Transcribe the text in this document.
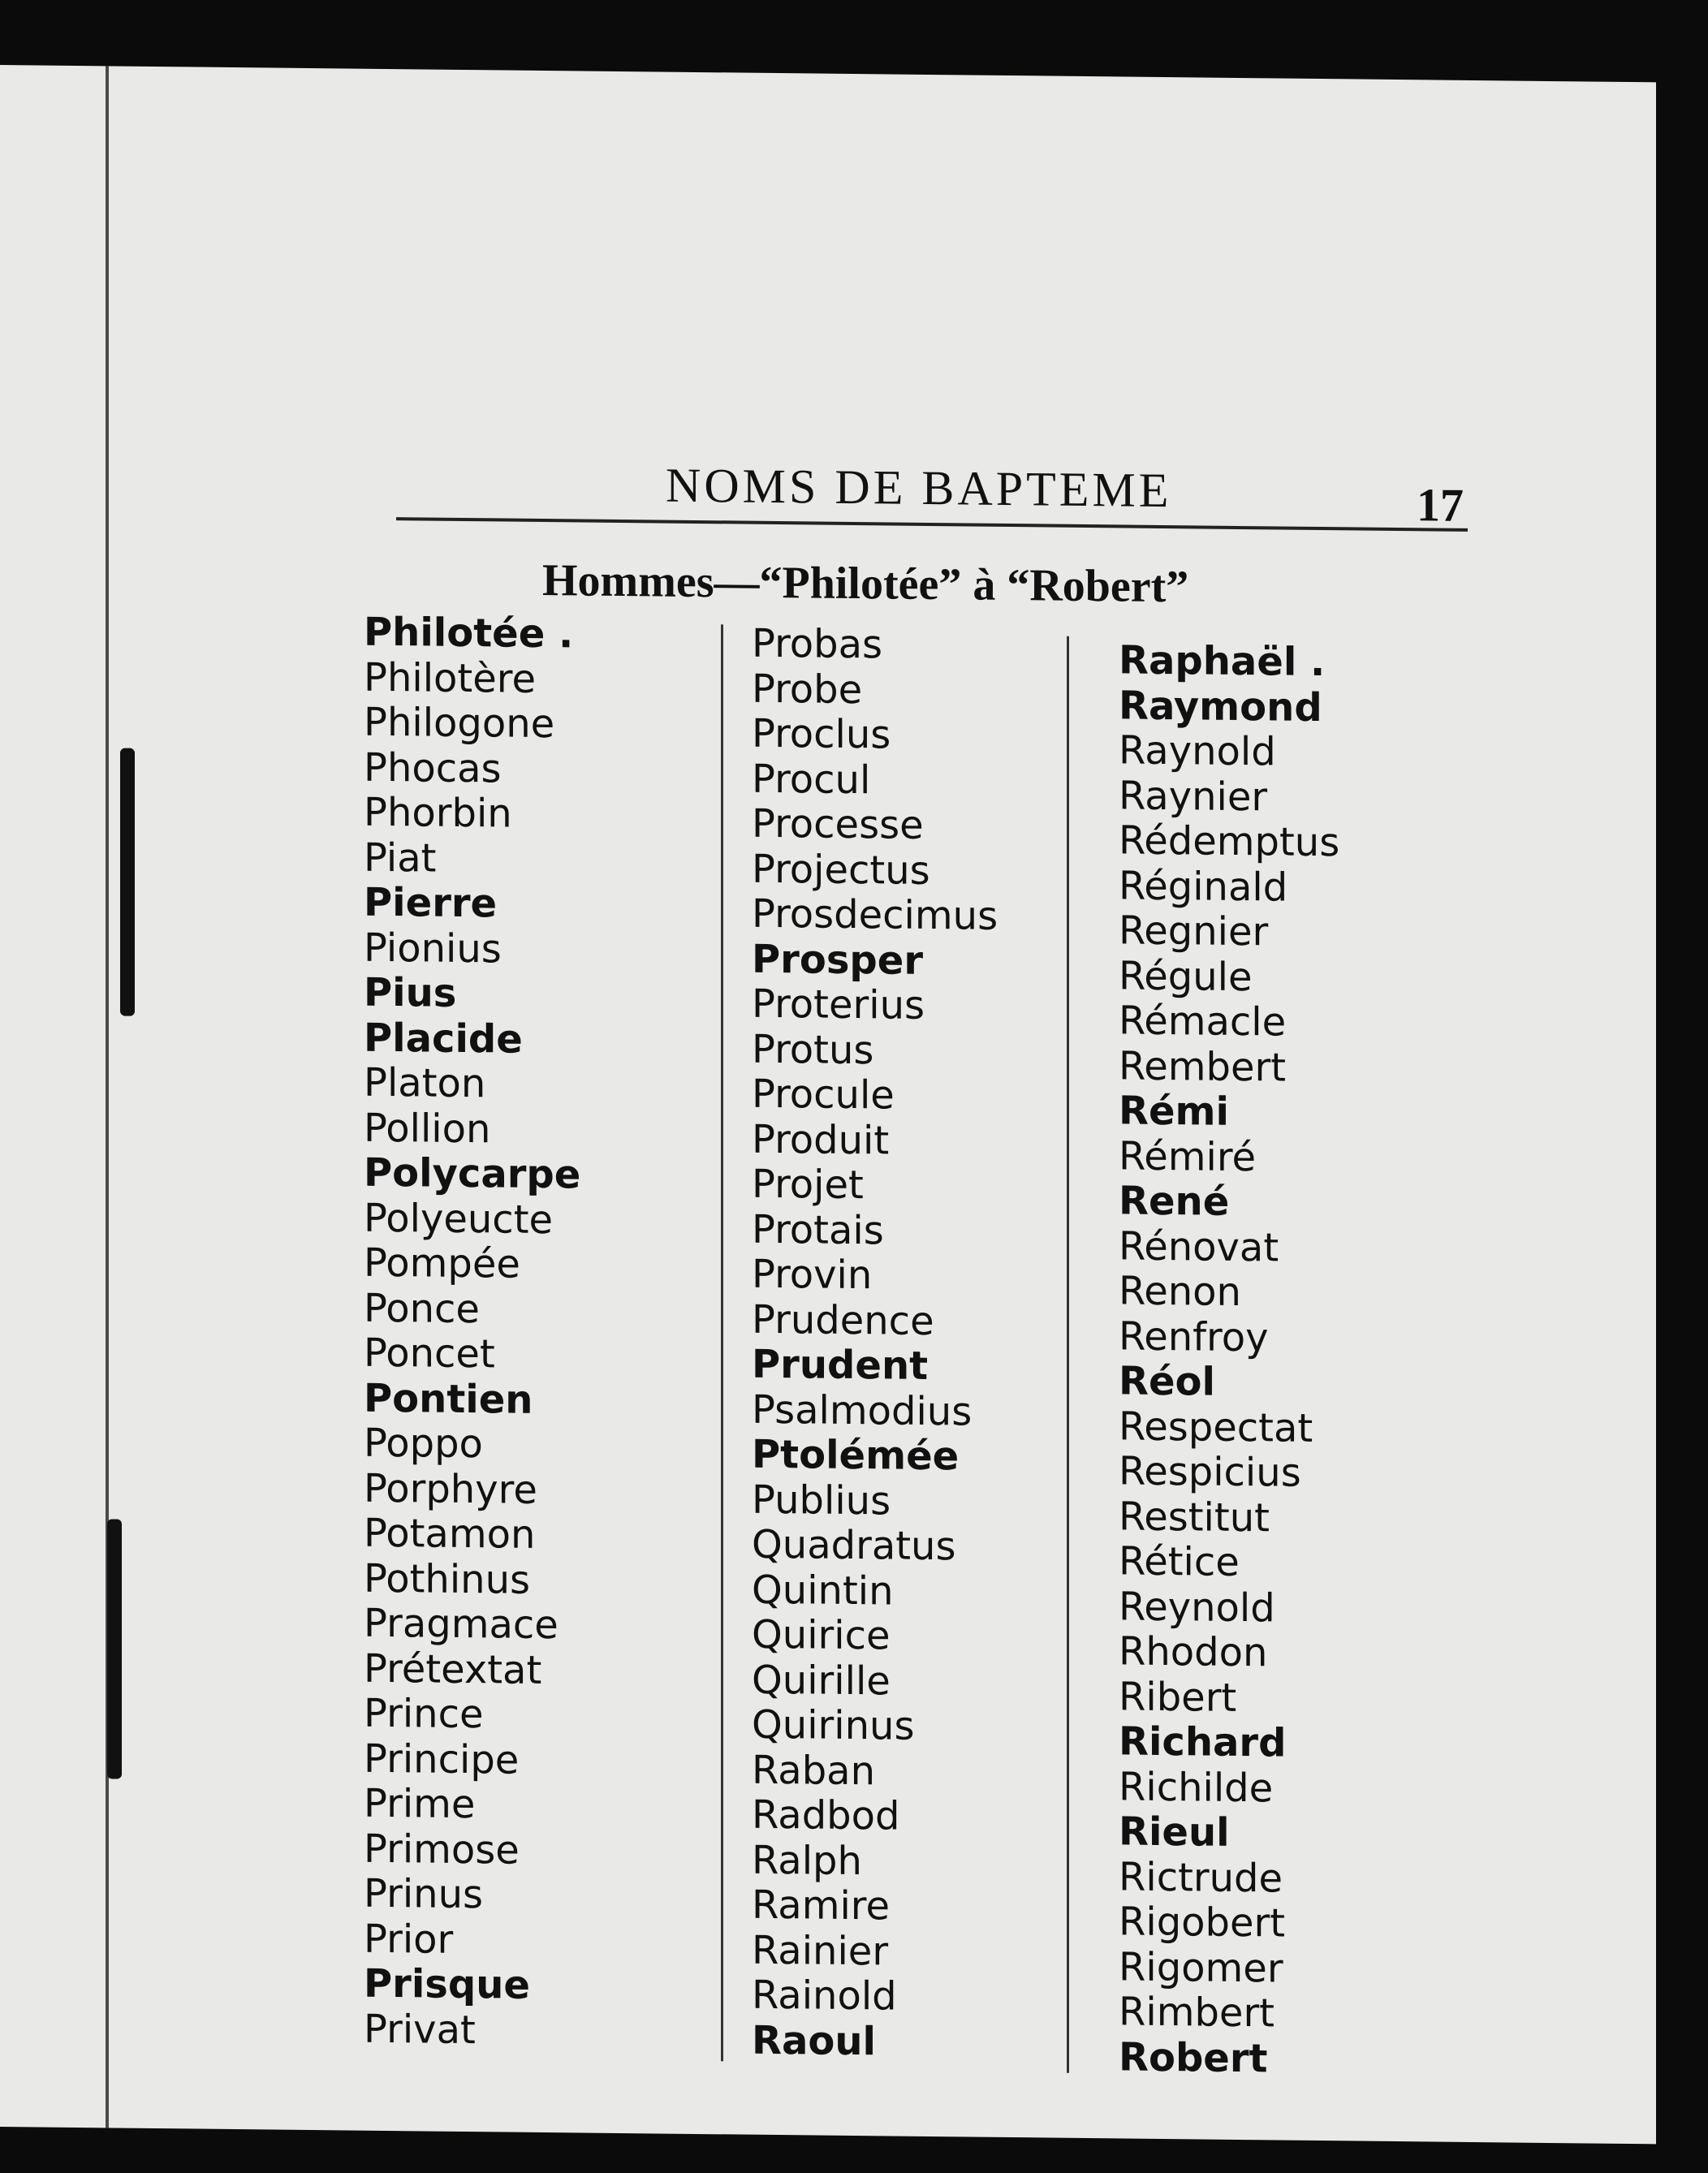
NOMS DE BAPTEME	17
Hommes—“Philotée” à “Robert”
Philotée .
Philotère
Philogone
Phocas
Phorbin
Piat
Pierre
Pionius
Pius
Placide
Platon
Pollion
Polycarpe
Polyeucte
Pompée
Ponce
Poncet
Pontien
Poppo
Porphyre
Potamon
Pothinus
Pragmace
Prétextat
Prince
Principe
Prime
Primose
Prinus
Prior
Prisque
Privat
Probas
Probe
Proclus
Procul
Processe
Projectus
Prosdecimus
Prosper
Proterius
Protus
Procule
Produit
Projet
Protais
Provin
Prudence
Prudent
Psalmodius
Ptolémée
Publius
Quadratus
Quintin
Quirice
Quirille
Quirinus
Raban
Radbod
Ralph
Ramire
Rainier
Rainold
Raoul
Raphaël .
Raymond
Raynold
Raynier
Rédemptus
Réginald
Regnier
Régule
Rémacle
Rembert
Rémi
Rémiré
René
Rénovat
Renon
Renfroy
Réol
Respectat
Respicius
Restitut
Rétice
Reynold
Rhodon
Ribert
Richard
Richilde
Rieul
Rictrude
Rigobert
Rigomer
Rimbert
Robert
